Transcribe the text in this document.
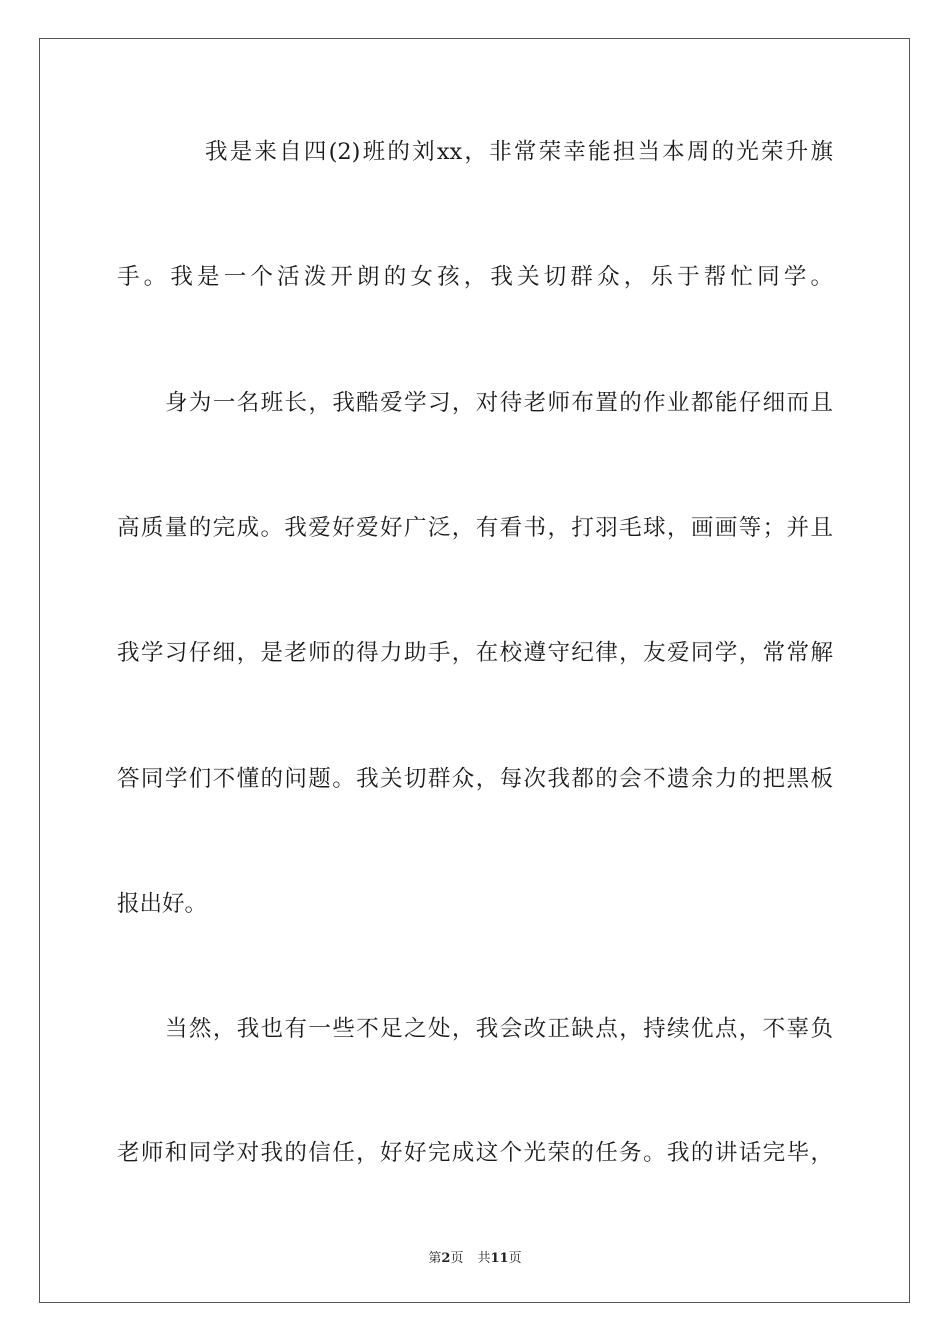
我是来自四(2)班的刘xx，非常荣幸能担当本周的光荣升旗
手。我是一个活泼开朗的女孩，我关切群众，乐于帮忙同学。
身为一名班长，我酷爱学习，对待老师布置的作业都能仔细而且
高质量的完成。我爱好爱好广泛，有看书，打羽毛球，画画等；并且
我学习仔细，是老师的得力助手，在校遵守纪律，友爱同学，常常解
答同学们不懂的问题。我关切群众，每次我都的会不遗余力的把黑板
报出好。
当然，我也有一些不足之处，我会改正缺点，持续优点，不辜负
老师和同学对我的信任，好好完成这个光荣的任务。我的讲话完毕，
第2页 共11页
